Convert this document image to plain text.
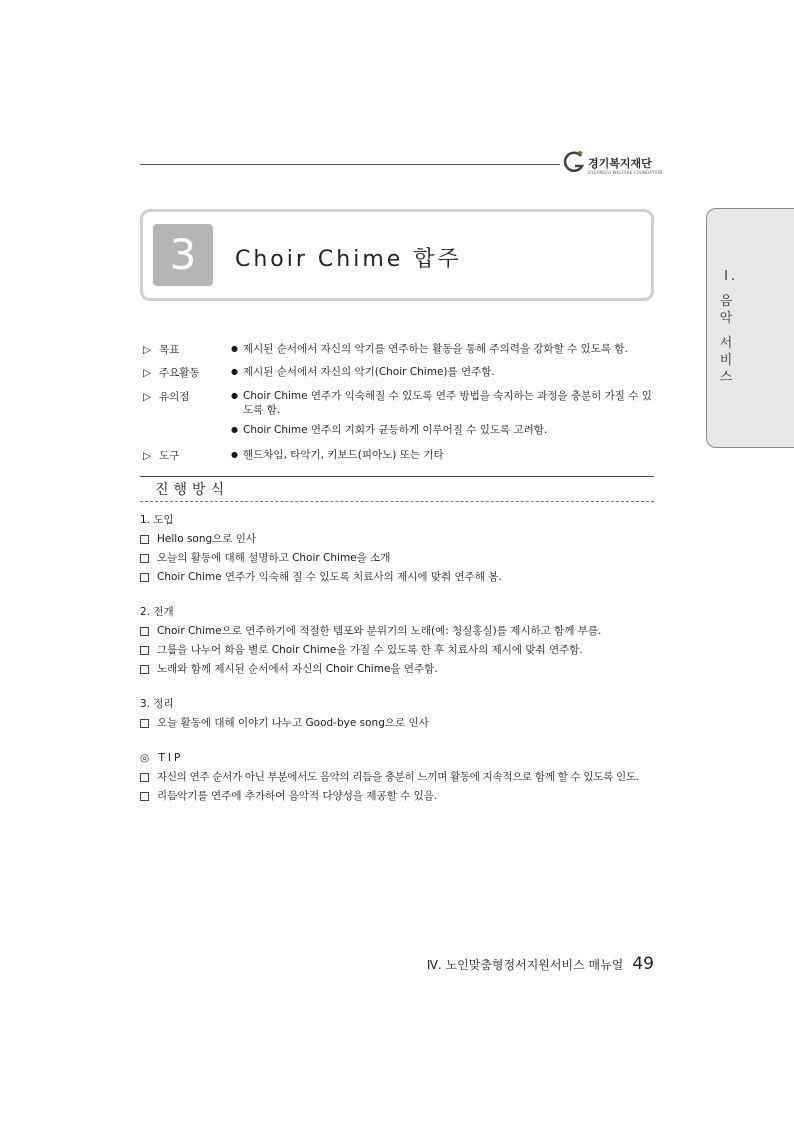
경기복지재단
GYEONGGI WELFARE FOUNDATION
Ⅰ .
음
악
서
비
스
3	Choir Chime 합주
▷ 목표	● 제시된 순서에서 자신의 악기를 연주하는 활동을 통해 주의력을 강화할 수 있도록 함.
▷ 주요활동	● 제시된 순서에서 자신의 악기(Choir Chime)를 연주함.
▷ 유의점	● Choir Chime 연주가 익숙해질 수 있도록 연주 방법을 숙지하는 과정을 충분히 가질 수 있도록 함.
● Choir Chime 연주의 기회가 균등하게 이루어질 수 있도록 고려함.
▷ 도구	● 핸드차임, 타악기, 키보드(피아노) 또는 기타
진행방식
1. 도입
Hello song으로 인사
오늘의 활동에 대해 설명하고 Choir Chime을 소개
Choir Chime 연주가 익숙해 질 수 있도록 치료사의 제시에 맞춰 연주해 봄.
2. 전개
Choir Chime으로 연주하기에 적절한 템포와 분위기의 노래(예: 청실홍실)를 제시하고 함께 부름.
그룹을 나누어 화음 별로 Choir Chime을 가질 수 있도록 한 후 치료사의 제시에 맞춰 연주함.
노래와 함께 제시된 순서에서 자신의 Choir Chime을 연주함.
3. 정리
오늘 활동에 대해 이야기 나누고 Good-bye song으로 인사
◎ TIP
자신의 연주 순서가 아닌 부분에서도 음악의 리듬을 충분히 느끼며 활동에 지속적으로 함께 할 수 있도록 인도.
리듬악기를 연주에 추가하여 음악적 다양성을 제공할 수 있음.
Ⅳ. 노인맞춤형정서지원서비스 매뉴얼 49
